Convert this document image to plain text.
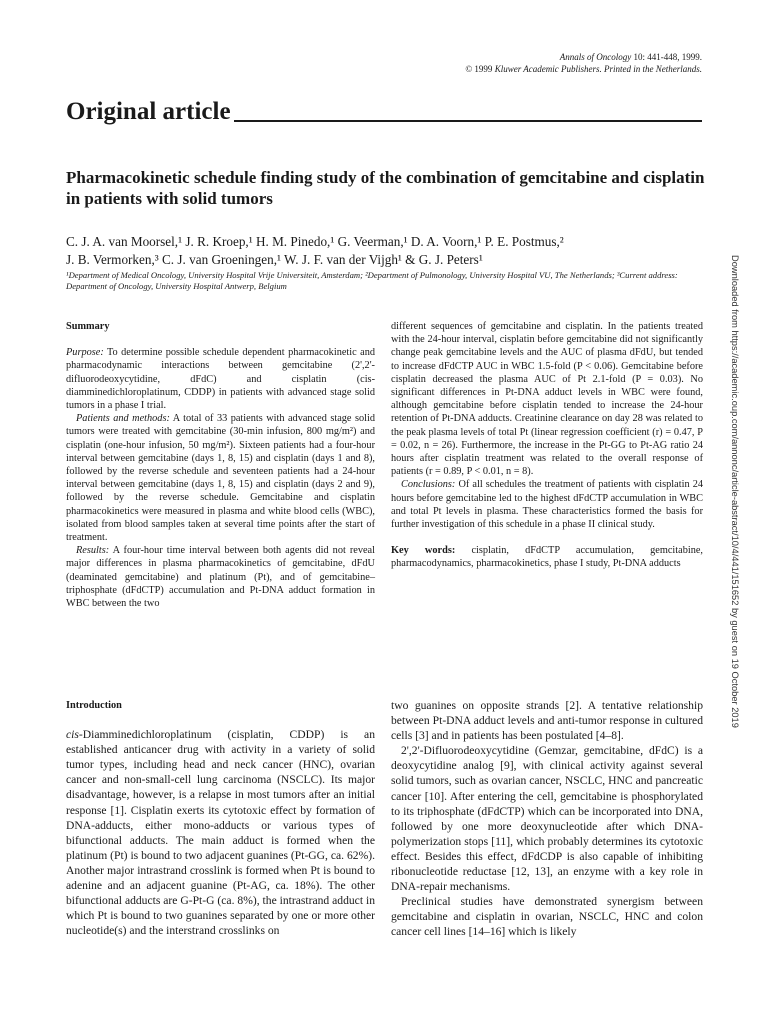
Annals of Oncology 10: 441-448, 1999.
© 1999 Kluwer Academic Publishers. Printed in the Netherlands.
Original article
Pharmacokinetic schedule finding study of the combination of gemcitabine and cisplatin in patients with solid tumors
C. J. A. van Moorsel,¹ J. R. Kroep,¹ H. M. Pinedo,¹ G. Veerman,¹ D. A. Voorn,¹ P. E. Postmus,²
J. B. Vermorken,³ C. J. van Groeningen,¹ W. J. F. van der Vijgh¹ & G. J. Peters¹
¹Department of Medical Oncology, University Hospital Vrije Universiteit, Amsterdam; ²Department of Pulmonology, University Hospital VU, The Netherlands; ³Current address: Department of Oncology, University Hospital Antwerp, Belgium

Summary

Purpose: To determine possible schedule dependent pharmacokinetic and pharmacodynamic interactions between gemcitabine (2',2'-difluorodeoxycytidine, dFdC) and cisplatin (cis-diamminedichloroplatinum, CDDP) in patients with advanced stage solid tumors in a phase I trial.

Patients and methods: A total of 33 patients with advanced stage solid tumors were treated with gemcitabine (30-min infusion, 800 mg/m²) and cisplatin (one-hour infusion, 50 mg/m²). Sixteen patients had a four-hour interval between gemcitabine (days 1, 8, 15) and cisplatin (days 1 and 8), followed by the reverse schedule and seventeen patients had a 24-hour interval between gemcitabine (days 1, 8, 15) and cisplatin (days 2 and 9), followed by the reverse schedule. Gemcitabine and cisplatin pharmacokinetics were measured in plasma and white blood cells (WBC), isolated from blood samples taken at several time points after the start of treatment.

Results: A four-hour time interval between both agents did not reveal major differences in plasma pharmacokinetics of gemcitabine, dFdU (deaminated gemcitabine) and platinum (Pt), and of gemcitabine–triphosphate (dFdCTP) accumulation and Pt-DNA adduct formation in WBC between the two

different sequences of gemcitabine and cisplatin. In the patients treated with the 24-hour interval, cisplatin before gemcitabine did not significantly change peak gemcitabine levels and the AUC of plasma dFdU, but tended to increase dFdCTP AUC in WBC 1.5-fold (P < 0.06). Gemcitabine before cisplatin decreased the plasma AUC of Pt 2.1-fold (P = 0.03). No significant differences in Pt-DNA adduct levels in WBC were found, although gemcitabine before cisplatin tended to increase the 24-hour retention of Pt-DNA adducts. Creatinine clearance on day 28 was related to the peak plasma levels of total Pt (linear regression coefficient (r) = 0.47, P = 0.02, n = 26). Furthermore, the increase in the Pt-GG to Pt-AG ratio 24 hours after cisplatin treatment was related to the overall response of patients (r = 0.89, P < 0.01, n = 8).

Conclusions: Of all schedules the treatment of patients with cisplatin 24 hours before gemcitabine led to the highest dFdCTP accumulation in WBC and total Pt levels in plasma. These characteristics formed the basis for further investigation of this schedule in a phase II clinical study.

Key words: cisplatin, dFdCTP accumulation, gemcitabine, pharmacodynamics, pharmacokinetics, phase I study, Pt-DNA adducts

Introduction

cis-Diamminedichloroplatinum (cisplatin, CDDP) is an established anticancer drug with activity in a variety of solid tumor types, including head and neck cancer (HNC), ovarian cancer and non-small-cell lung carcinoma (NSCLC). Its major disadvantage, however, is a relapse in most tumors after an initial response [1]. Cisplatin exerts its cytotoxic effect by formation of DNA-adducts, either mono-adducts or various types of bifunctional adducts. The main adduct is formed when the platinum (Pt) is bound to two adjacent guanines (Pt-GG, ca. 62%). Another major intrastrand crosslink is formed when Pt is bound to adenine and an adjacent guanine (Pt-AG, ca. 18%). The other bifunctional adducts are G-Pt-G (ca. 8%), the intrastrand adduct in which Pt is bound to two guanines separated by one or more other nucleotide(s) and the interstrand crosslinks on

two guanines on opposite strands [2]. A tentative relationship between Pt-DNA adduct levels and anti-tumor response in cultured cells [3] and in patients has been postulated [4–8].

2',2'-Difluorodeoxycytidine (Gemzar, gemcitabine, dFdC) is a deoxycytidine analog [9], with clinical activity against several solid tumors, such as ovarian cancer, NSCLC, HNC and pancreatic cancer [10]. After entering the cell, gemcitabine is phosphorylated to its triphosphate (dFdCTP) which can be incorporated into DNA, followed by one more deoxynucleotide after which DNA-polymerization stops [11], which probably determines its cytotoxic effect. Besides this effect, dFdCDP is also capable of inhibiting ribonucleotide reductase [12, 13], an enzyme with a key role in DNA-repair mechanisms.

Preclinical studies have demonstrated synergism between gemcitabine and cisplatin in ovarian, NSCLC, HNC and colon cancer cell lines [14–16] which is likely

Downloaded from https://academic.oup.com/annonc/article-abstract/10/4/441/151652 by guest on 19 October 2019
